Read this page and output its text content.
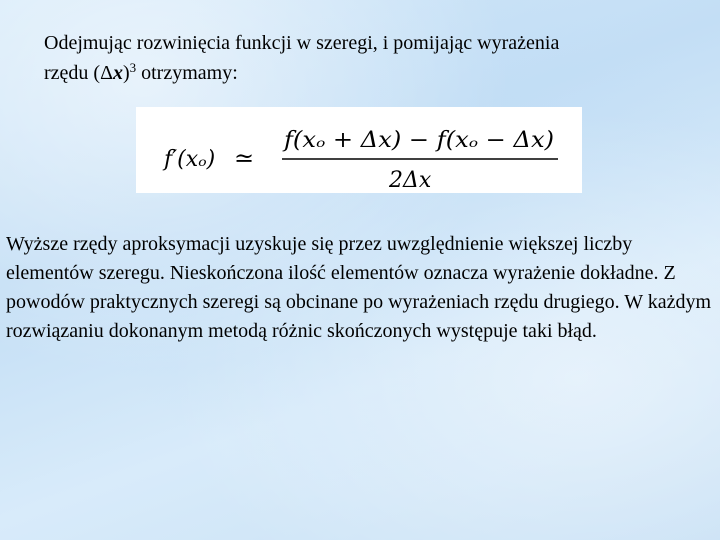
Odejmując rozwinięcia funkcji w szeregi, i pomijając wyrażenia
rzędu $(\Delta x)^3$ otrzymamy:
f′(xₒ) ≃
f(xₒ + Δx) − f(xₒ − Δx)
2Δx
Wyższe rzędy aproksymacji uzyskuje się przez uwzględnienie większej liczby elementów szeregu. Nieskończona ilość elementów oznacza wyrażenie dokładne. Z powodów praktycznych szeregi są obcinane po wyrażeniach rzędu drugiego. W każdym rozwiązaniu dokonanym metodą różnic skończonych występuje taki błąd.
